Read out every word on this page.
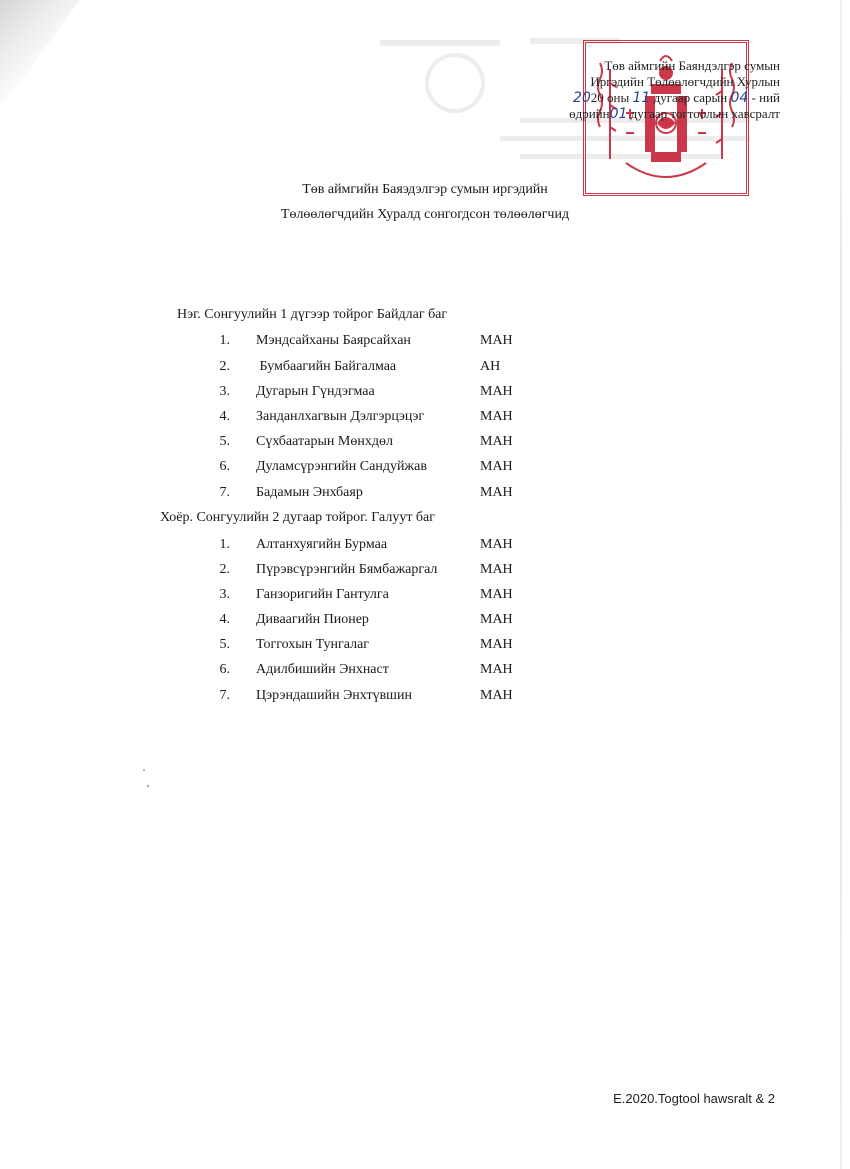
Төв аймгийн Баяндэлгэр сумын
Иргэдийн Төлөөлөгчдийн Хурлын
2020 оны 11 дугаар сарын 04 - ний
өдрийн01 дугаар тогтоолын хавсралт
Төв аймгийн Баяэдэлгэр сумын иргэдийн
Төлөөлөгчдийн Хуралд сонгогдсон төлөөлөгчид
Нэг. Сонгуулийн 1 дүгээр тойрог Байдлаг баг
1. Мэндсайханы Баярсайхан	МАН
2. Бумбаагийн Байгалмаа	АН
3. Дугарын Гүндэгмаа	МАН
4. Занданлхагвын Дэлгэрцэцэг	МАН
5. Сүхбаатарын Мөнхдөл	МАН
6. Дуламсүрэнгийн Сандуйжав	МАН
7. Бадамын Энхбаяр	МАН
Хоёр. Сонгуулийн 2 дугаар тойрог. Галуут баг
1. Алтанхуягийн Бурмаа	МАН
2. Пүрэвсүрэнгийн Бямбажаргал	МАН
3. Ганзоригийн Гантулга	МАН
4. Диваагийн Пионер	МАН
5. Тоггохын Тунгалаг	МАН
6. Адилбишийн Энхнаст	МАН
7. Цэрэндашийн Энхтүвшин	МАН
E.2020.Togtool hawsralt & 2
